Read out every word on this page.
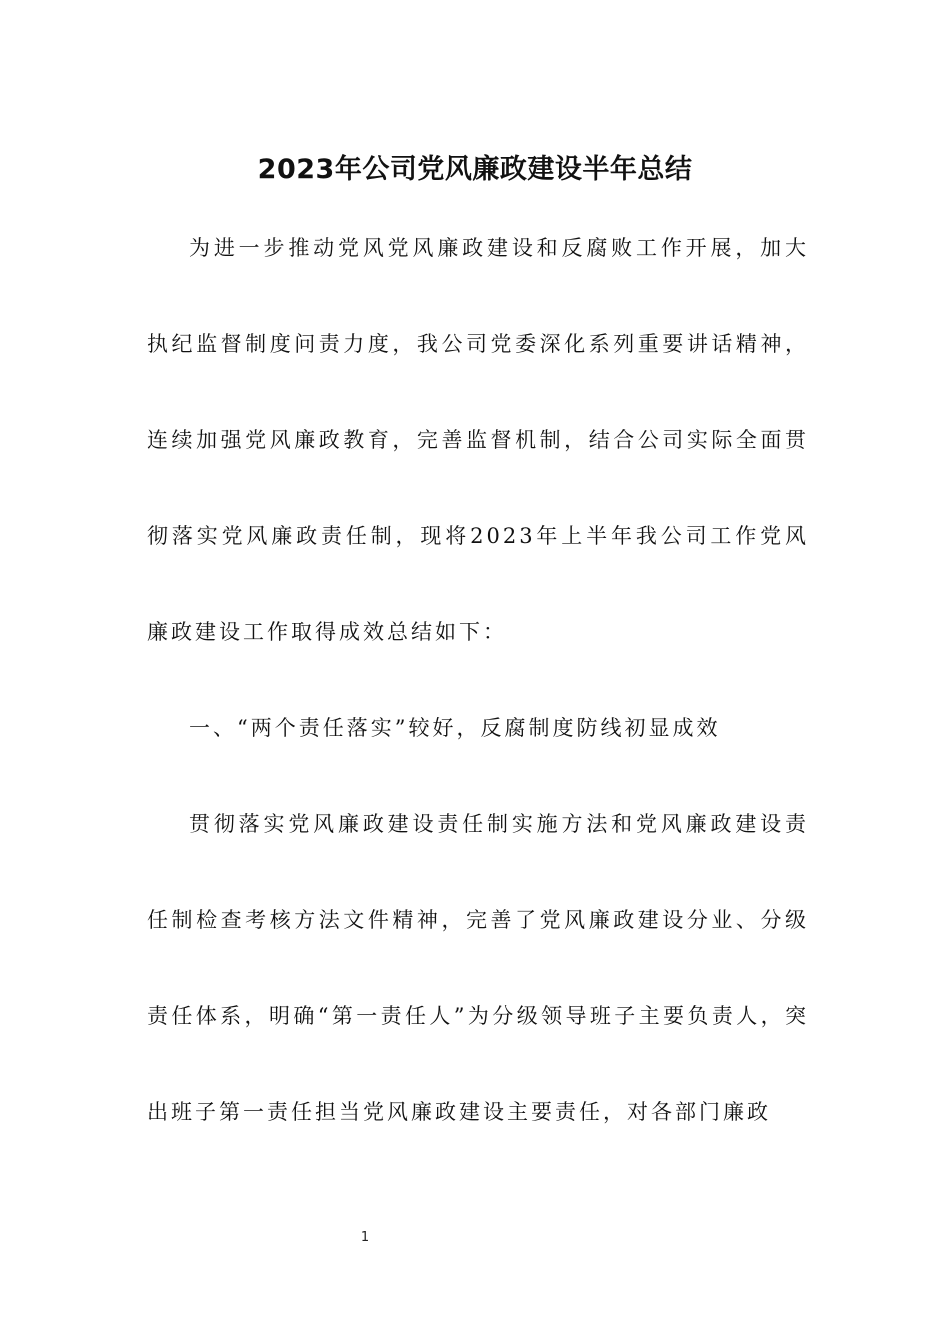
2023年公司党风廉政建设半年总结

为进一步推动党风党风廉政建设和反腐败工作开展，加大执纪监督制度问责力度，我公司党委深化系列重要讲话精神，连续加强党风廉政教育，完善监督机制，结合公司实际全面贯彻落实党风廉政责任制，现将2023年上半年我公司工作党风廉政建设工作取得成效总结如下：

一、“两个责任落实”较好，反腐制度防线初显成效

贯彻落实党风廉政建设责任制实施方法和党风廉政建设责任制检查考核方法文件精神，完善了党风廉政建设分业、分级责任体系，明确“第一责任人”为分级领导班子主要负责人，突出班子第一责任担当党风廉政建设主要责任，对各部门廉政

1
